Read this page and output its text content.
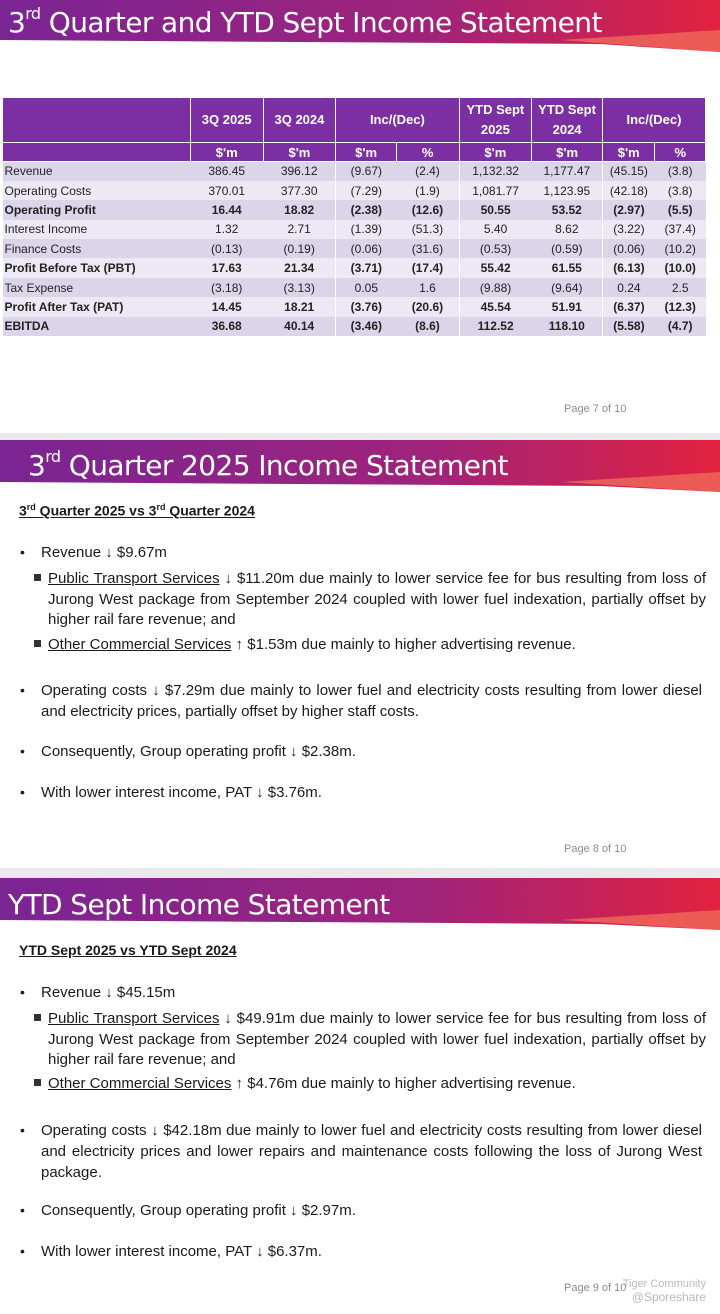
3rd Quarter and YTD Sept Income Statement
	3Q 2025	3Q 2024	Inc/(Dec)		YTD Sept 2025	YTD Sept 2024	Inc/(Dec)	
	$'m	$'m	$'m	%	$'m	$'m	$'m	%
Revenue	386.45	396.12	(9.67)	(2.4)	1,132.32	1,177.47	(45.15)	(3.8)
Operating Costs	370.01	377.30	(7.29)	(1.9)	1,081.77	1,123.95	(42.18)	(3.8)
Operating Profit	16.44	18.82	(2.38)	(12.6)	50.55	53.52	(2.97)	(5.5)
Interest Income	1.32	2.71	(1.39)	(51.3)	5.40	8.62	(3.22)	(37.4)
Finance Costs	(0.13)	(0.19)	(0.06)	(31.6)	(0.53)	(0.59)	(0.06)	(10.2)
Profit Before Tax (PBT)	17.63	21.34	(3.71)	(17.4)	55.42	61.55	(6.13)	(10.0)
Tax Expense	(3.18)	(3.13)	0.05	1.6	(9.88)	(9.64)	0.24	2.5
Profit After Tax (PAT)	14.45	18.21	(3.76)	(20.6)	45.54	51.91	(6.37)	(12.3)
EBITDA	36.68	40.14	(3.46)	(8.6)	112.52	118.10	(5.58)	(4.7)
Page 7 of 10
3rd Quarter 2025 Income Statement
3rd Quarter 2025 vs 3rd Quarter 2024
• Revenue ↓ $9.67m
Public Transport Services ↓ $11.20m due mainly to lower service fee for bus resulting from loss of Jurong West package from September 2024 coupled with lower fuel indexation, partially offset by higher rail fare revenue; and
Other Commercial Services ↑ $1.53m due mainly to higher advertising revenue.
• Operating costs ↓ $7.29m due mainly to lower fuel and electricity costs resulting from lower diesel and electricity prices, partially offset by higher staff costs.
• Consequently, Group operating profit ↓ $2.38m.
• With lower interest income, PAT ↓ $3.76m.
Page 8 of 10
YTD Sept Income Statement
YTD Sept 2025 vs YTD Sept 2024
• Revenue ↓ $45.15m
Public Transport Services ↓ $49.91m due mainly to lower service fee for bus resulting from loss of Jurong West package from September 2024 coupled with lower fuel indexation, partially offset by higher rail fare revenue; and
Other Commercial Services ↑ $4.76m due mainly to higher advertising revenue.
• Operating costs ↓ $42.18m due mainly to lower fuel and electricity costs resulting from lower diesel and electricity prices and lower repairs and maintenance costs following the loss of Jurong West package.
• Consequently, Group operating profit ↓ $2.97m.
• With lower interest income, PAT ↓ $6.37m.
Page 9 of 10
Tiger Community
@Sporeshare
